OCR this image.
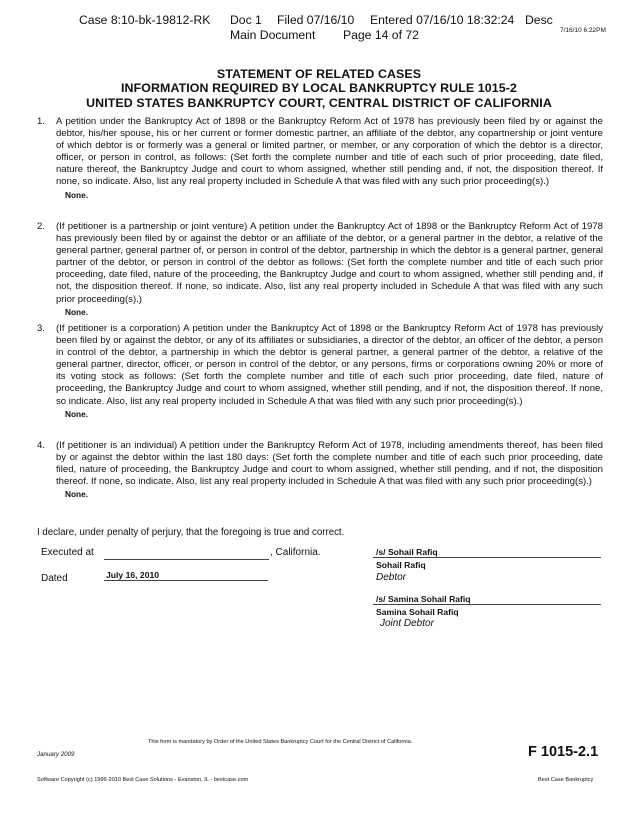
Case 8:10-bk-19812-RK Doc 1 Filed 07/16/10 Entered 07/16/10 18:32:24 Desc
Main Document Page 14 of 72	7/16/10 6:22PM
STATEMENT OF RELATED CASES
INFORMATION REQUIRED BY LOCAL BANKRUPTCY RULE 1015-2
UNITED STATES BANKRUPTCY COURT, CENTRAL DISTRICT OF CALIFORNIA
1. A petition under the Bankruptcy Act of 1898 or the Bankruptcy Reform Act of 1978 has previously been filed by or against the debtor, his/her spouse, his or her current or former domestic partner, an affiliate of the debtor, any copartnership or joint venture of which debtor is or formerly was a general or limited partner, or member, or any corporation of which the debtor is a director, officer, or person in control, as follows: (Set forth the complete number and title of each such of prior proceeding, date filed, nature thereof, the Bankruptcy Judge and court to whom assigned, whether still pending and, if not, the disposition thereof. If none, so indicate. Also, list any real property included in Schedule A that was filed with any such prior proceeding(s).)
None.
2. (If petitioner is a partnership or joint venture) A petition under the Bankruptcy Act of 1898 or the Bankruptcy Reform Act of 1978 has previously been filed by or against the debtor or an affiliate of the debtor, or a general partner in the debtor, a relative of the general partner, general partner of, or person in control of the debtor, partnership in which the debtor is a general partner, general partner of the debtor, or person in control of the debtor as follows: (Set forth the complete number and title of each such prior proceeding, date filed, nature of the proceeding, the Bankruptcy Judge and court to whom assigned, whether still pending and, if not, the disposition thereof. If none, so indicate. Also, list any real property included in Schedule A that was filed with any such prior proceeding(s).)
None.
3. (If petitioner is a corporation) A petition under the Bankruptcy Act of 1898 or the Bankruptcy Reform Act of 1978 has previously been filed by or against the debtor, or any of its affiliates or subsidiaries, a director of the debtor, an officer of the debtor, a person in control of the debtor, a partnership in which the debtor is general partner, a general partner of the debtor, a relative of the general partner, director, officer, or person in control of the debtor, or any persons, firms or corporations owning 20% or more of its voting stock as follows: (Set forth the complete number and title of each such prior proceeding, date filed, nature of proceeding, the Bankruptcy Judge and court to whom assigned, whether still pending, and if not, the disposition thereof. If none, so indicate. Also, list any real property included in Schedule A that was filed with any such prior proceeding(s).)
None.
4. (If petitioner is an individual) A petition under the Bankruptcy Reform Act of 1978, including amendments thereof, has been filed by or against the debtor within the last 180 days: (Set forth the complete number and title of each such prior proceeding, date filed, nature of proceeding, the Bankruptcy Judge and court to whom assigned, whether still pending, and if not, the disposition thereof. If none, so indicate. Also, list any real property included in Schedule A that was filed with any such prior proceeding(s).)
None.
I declare, under penalty of perjury, that the foregoing is true and correct.
Executed at	, California.
Dated	July 16, 2010
/s/ Sohail Rafiq
Sohail Rafiq
Debtor
/s/ Samina Sohail Rafiq
Samina Sohail Rafiq
Joint Debtor
This form is mandatory by Order of the United States Bankruptcy Court for the Central District of California.
January 2009	F 1015-2.1
Software Copyright (c) 1996-2010 Best Case Solutions - Evanston, IL - bestcase.com	Best Case Bankruptcy
